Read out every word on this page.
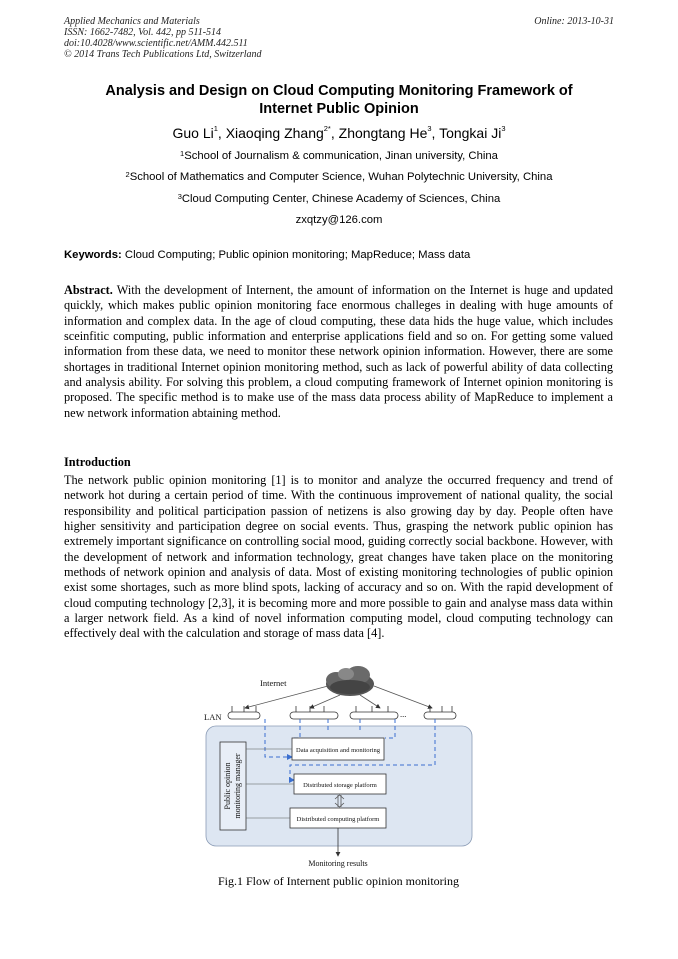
Applied Mechanics and Materials
ISSN: 1662-7482, Vol. 442, pp 511-514
doi:10.4028/www.scientific.net/AMM.442.511
© 2014 Trans Tech Publications Ltd, Switzerland
Online: 2013-10-31
Analysis and Design on Cloud Computing Monitoring Framework of
Internet Public Opinion
Guo Li$^1$, Xiaoqing Zhang$^{2*}$, Zhongtang He$^3$, Tongkai Ji$^3$
$^1$School of Journalism & communication, Jinan university, China
$^2$School of Mathematics and Computer Science, Wuhan Polytechnic University, China
$^3$Cloud Computing Center, Chinese Academy of Sciences, China
zxqtzy@126.com
Keywords: Cloud Computing; Public opinion monitoring; MapReduce; Mass data
Abstract. With the development of Internent, the amount of information on the Internet is huge and updated quickly, which makes public opinion monitoring face enormous challeges in dealing with huge amounts of information and complex data. In the age of cloud computing, these data hids the huge value, which includes sceinfitic computing, public information and enterprise applications field and so on. For getting some valued information from these data, we need to monitor these network opinion information. However, there are some shortages in traditional Internet opinion monitoring method, such as lack of powerful ability of data collecting and analysis ability. For solving this problem, a cloud computing framework of Internet opinion monitoring is proposed. The specific method is to make use of the mass data process ability of MapReduce to implement a new network information abtaining method.
Introduction
The network public opinion monitoring [1] is to monitor and analyze the occurred frequency and trend of network hot during a certain period of time. With the continuous improvement of national quality, the social responsibility and political participation passion of netizens is also growing day by day. People often have higher sensitivity and participation degree on social events. Thus, grasping the network public opinion has extremely important significance on controlling social mood, guiding correctly social backbone. However, with the development of network and information technology, great changes have taken place on the monitoring methods of network opinion and analysis of data. Most of existing monitoring technologies of public opinion exist some shortages, such as more blind spots, lacking of accuracy and so on. With the rapid development of cloud computing technology [2,3], it is becoming more and more possible to gain and analyse mass data within a larger network field. As a kind of novel information computing model, cloud computing technology can effectively deal with the calculation and storage of mass data [4].
Internet
LAN	...
Public opinion monitoring manager
Data acquisition and monitoring
Distributed storage platform
Distributed computing platform
Monitoring results
Fig.1 Flow of Internent public opinion monitoring
